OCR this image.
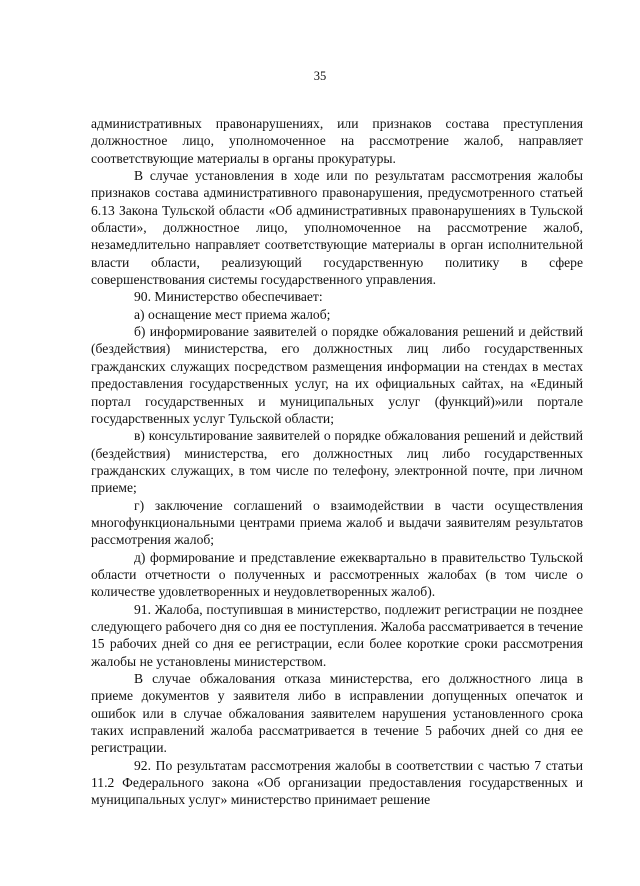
35

административных правонарушениях, или признаков состава преступления должностное лицо, уполномоченное на рассмотрение жалоб, направляет соответствующие материалы в органы прокуратуры.

В случае установления в ходе или по результатам рассмотрения жалобы признаков состава административного правонарушения, предусмотренного статьей 6.13 Закона Тульской области «Об административных правонарушениях в Тульской области», должностное лицо, уполномоченное на рассмотрение жалоб, незамедлительно направляет соответствующие материалы в орган исполнительной власти области, реализующий государственную политику в сфере совершенствования системы государственного управления.

90. Министерство обеспечивает:

а) оснащение мест приема жалоб;

б) информирование заявителей о порядке обжалования решений и действий (бездействия) министерства, его должностных лиц либо государственных гражданских служащих посредством размещения информации на стендах в местах предоставления государственных услуг, на их официальных сайтах, на «Единый портал государственных и муниципальных услуг (функций)»или портале государственных услуг Тульской области;

в) консультирование заявителей о порядке обжалования решений и действий (бездействия) министерства, его должностных лиц либо государственных гражданских служащих, в том числе по телефону, электронной почте, при личном приеме;

г) заключение соглашений о взаимодействии в части осуществления многофункциональными центрами приема жалоб и выдачи заявителям результатов рассмотрения жалоб;

д) формирование и представление ежеквартально в правительство Тульской области отчетности о полученных и рассмотренных жалобах (в том числе о количестве удовлетворенных и неудовлетворенных жалоб).

91. Жалоба, поступившая в министерство, подлежит регистрации не позднее следующего рабочего дня со дня ее поступления. Жалоба рассматривается в течение 15 рабочих дней со дня ее регистрации, если более короткие сроки рассмотрения жалобы не установлены министерством.

В случае обжалования отказа министерства, его должностного лица в приеме документов у заявителя либо в исправлении допущенных опечаток и ошибок или в случае обжалования заявителем нарушения установленного срока таких исправлений жалоба рассматривается в течение 5 рабочих дней со дня ее регистрации.

92. По результатам рассмотрения жалобы в соответствии с частью 7 статьи 11.2 Федерального закона «Об организации предоставления государственных и муниципальных услуг» министерство принимает решение
